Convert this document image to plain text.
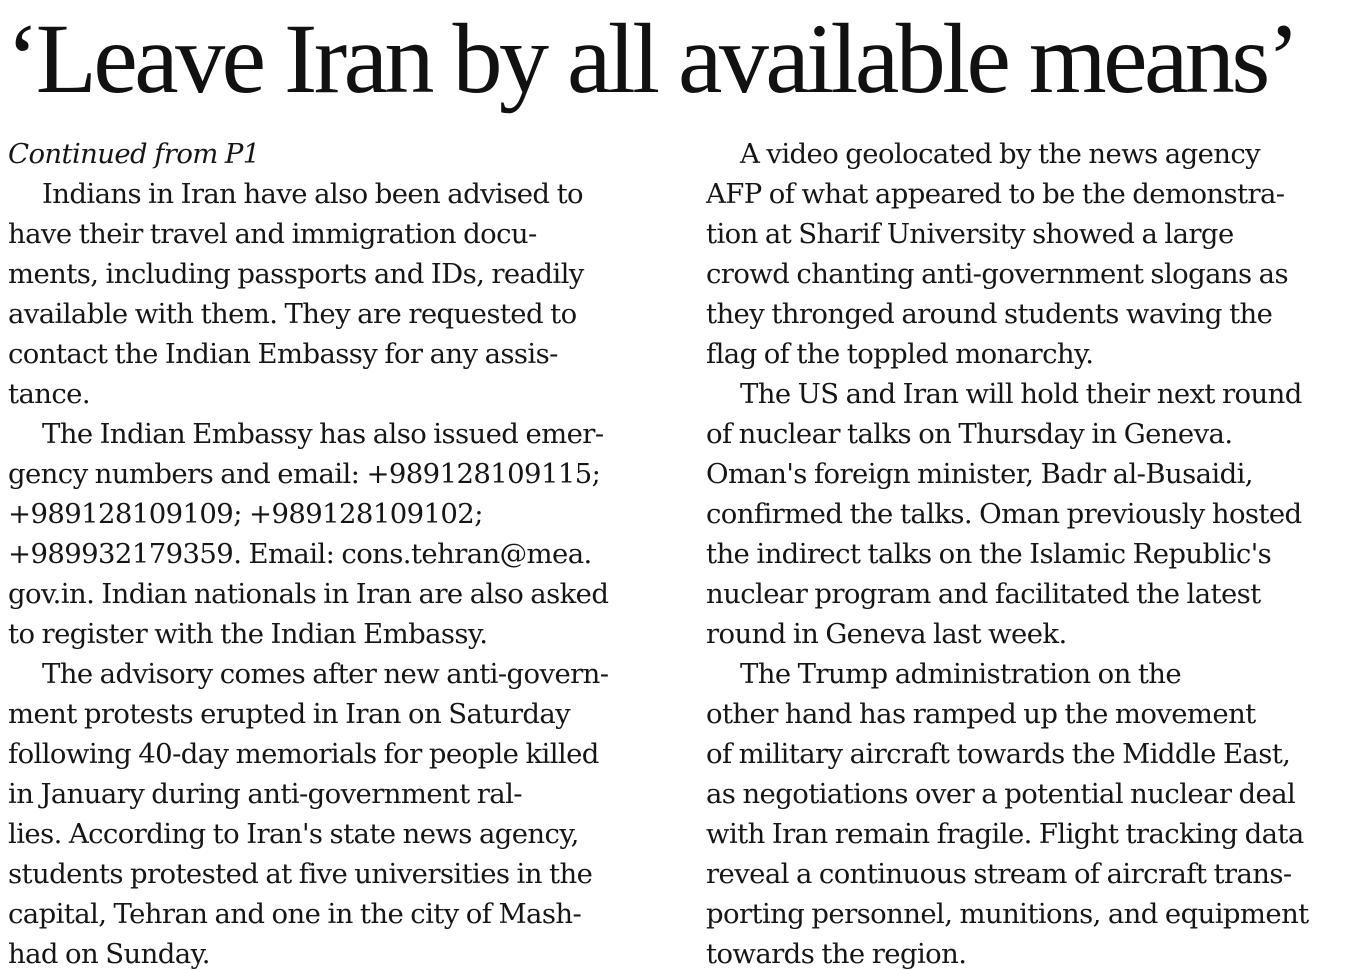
‘Leave Iran by all available means’
Continued from P1
Indians in Iran have also been advised to
have their travel and immigration docu-
ments, including passports and IDs, readily
available with them. They are requested to
contact the Indian Embassy for any assis-
tance.
The Indian Embassy has also issued emer-
gency numbers and email: +989128109115;
+989128109109; +989128109102;
+989932179359. Email: cons.tehran@mea.
gov.in. Indian nationals in Iran are also asked
to register with the Indian Embassy.
The advisory comes after new anti-govern-
ment protests erupted in Iran on Saturday
following 40-day memorials for people killed
in January during anti-government ral-
lies. According to Iran's state news agency,
students protested at five universities in the
capital, Tehran and one in the city of Mash-
had on Sunday.
A video geolocated by the news agency
AFP of what appeared to be the demonstra-
tion at Sharif University showed a large
crowd chanting anti-government slogans as
they thronged around students waving the
flag of the toppled monarchy.
The US and Iran will hold their next round
of nuclear talks on Thursday in Geneva.
Oman's foreign minister, Badr al-Busaidi,
confirmed the talks. Oman previously hosted
the indirect talks on the Islamic Republic's
nuclear program and facilitated the latest
round in Geneva last week.
The Trump administration on the
other hand has ramped up the movement
of military aircraft towards the Middle East,
as negotiations over a potential nuclear deal
with Iran remain fragile. Flight tracking data
reveal a continuous stream of aircraft trans-
porting personnel, munitions, and equipment
towards the region.
